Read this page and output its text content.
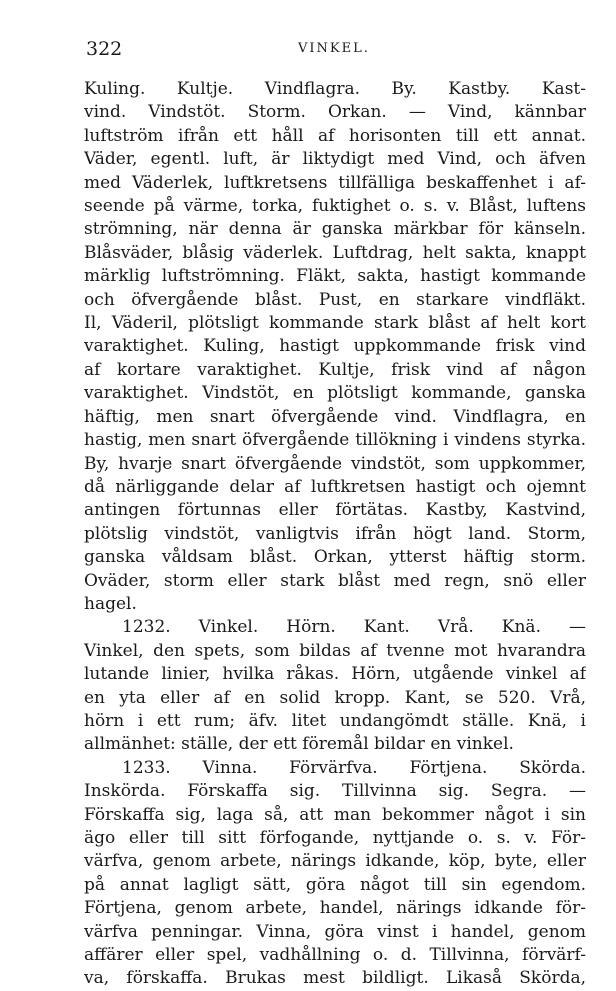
322	VINKEL.

Kuling. Kultje. Vindflagra. By. Kastby. Kast-
vind. Vindstöt. Storm. Orkan. — Vind, kännbar
luftström ifrån ett håll af horisonten till ett annat.
Väder, egentl. luft, är liktydigt med Vind, och äfven
med Väderlek, luftkretsens tillfälliga beskaffenhet i af-
seende på värme, torka, fuktighet o. s. v. Blåst, luftens
strömning, när denna är ganska märkbar för känseln.
Blåsväder, blåsig väderlek. Luftdrag, helt sakta, knappt
märklig luftströmning. Fläkt, sakta, hastigt kommande
och öfvergående blåst. Pust, en starkare vindfläkt.
Il, Väderil, plötsligt kommande stark blåst af helt kort
varaktighet. Kuling, hastigt uppkommande frisk vind
af kortare varaktighet. Kultje, frisk vind af någon
varaktighet. Vindstöt, en plötsligt kommande, ganska
häftig, men snart öfvergående vind. Vindflagra, en
hastig, men snart öfvergående tillökning i vindens styrka.
By, hvarje snart öfvergående vindstöt, som uppkommer,
då närliggande delar af luftkretsen hastigt och ojemnt
antingen förtunnas eller förtätas. Kastby, Kastvind,
plötslig vindstöt, vanligtvis ifrån högt land. Storm,
ganska våldsam blåst. Orkan, ytterst häftig storm.
Oväder, storm eller stark blåst med regn, snö eller
hagel.

1232. Vinkel. Hörn. Kant. Vrå. Knä. —
Vinkel, den spets, som bildas af tvenne mot hvarandra
lutande linier, hvilka råkas. Hörn, utgående vinkel af
en yta eller af en solid kropp. Kant, se 520. Vrå,
hörn i ett rum; äfv. litet undangömdt ställe. Knä, i
allmänhet: ställe, der ett föremål bildar en vinkel.

1233. Vinna. Förvärfva. Förtjena. Skörda.
Inskörda. Förskaffa sig. Tillvinna sig. Segra. —
Förskaffa sig, laga så, att man bekommer något i sin
ägo eller till sitt förfogande, nyttjande o. s. v. För-
värfva, genom arbete, närings idkande, köp, byte, eller
på annat lagligt sätt, göra något till sin egendom.
Förtjena, genom arbete, handel, närings idkande för-
värfva penningar. Vinna, göra vinst i handel, genom
affärer eller spel, vadhållning o. d. Tillvinna, förvärf-
va, förskaffa. Brukas mest bildligt. Likaså Skörda,
